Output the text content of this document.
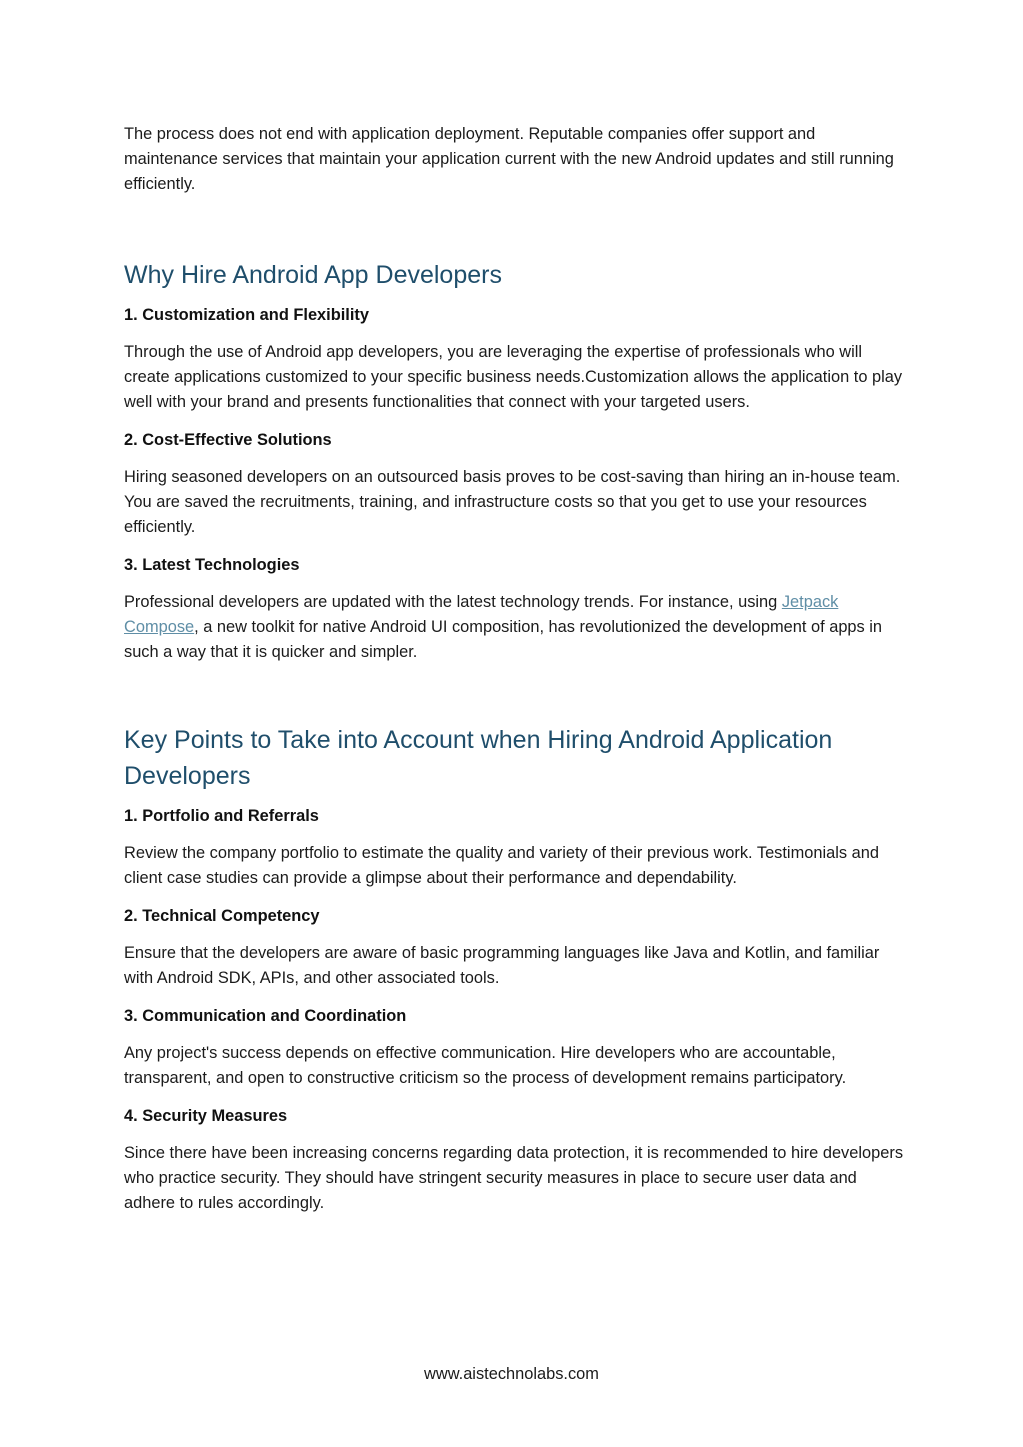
The process does not end with application deployment. Reputable companies offer support and maintenance services that maintain your application current with the new Android updates and still running efficiently.

Why Hire Android App Developers
1. Customization and Flexibility

Through the use of Android app developers, you are leveraging the expertise of professionals who will create applications customized to your specific business needs.Customization allows the application to play well with your brand and presents functionalities that connect with your targeted users.

2. Cost-Effective Solutions

Hiring seasoned developers on an outsourced basis proves to be cost-saving than hiring an in-house team. You are saved the recruitments, training, and infrastructure costs so that you get to use your resources efficiently.

3. Latest Technologies

Professional developers are updated with the latest technology trends. For instance, using Jetpack Compose, a new toolkit for native Android UI composition, has revolutionized the development of apps in such a way that it is quicker and simpler.

Key Points to Take into Account when Hiring Android Application Developers
1. Portfolio and Referrals

Review the company portfolio to estimate the quality and variety of their previous work. Testimonials and client case studies can provide a glimpse about their performance and dependability.

2. Technical Competency

Ensure that the developers are aware of basic programming languages like Java and Kotlin, and familiar with Android SDK, APIs, and other associated tools.

3. Communication and Coordination

Any project's success depends on effective communication. Hire developers who are accountable, transparent, and open to constructive criticism so the process of development remains participatory.

4. Security Measures

Since there have been increasing concerns regarding data protection, it is recommended to hire developers who practice security. They should have stringent security measures in place to secure user data and adhere to rules accordingly.

www.aistechnolabs.com
